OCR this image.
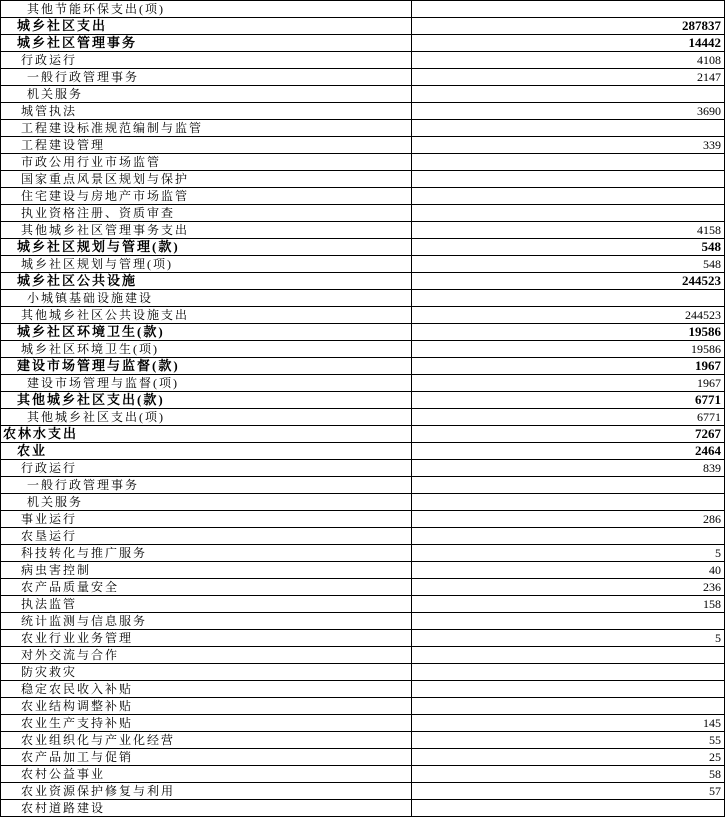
其他节能环保支出(项)	
城乡社区支出	287837
城乡社区管理事务	14442
行政运行	4108
一般行政管理事务	2147
机关服务	
城管执法	3690
工程建设标准规范编制与监管	
工程建设管理	339
市政公用行业市场监管	
国家重点风景区规划与保护	
住宅建设与房地产市场监管	
执业资格注册、资质审查	
其他城乡社区管理事务支出	4158
城乡社区规划与管理(款)	548
城乡社区规划与管理(项)	548
城乡社区公共设施	244523
小城镇基础设施建设	
其他城乡社区公共设施支出	244523
城乡社区环境卫生(款)	19586
城乡社区环境卫生(项)	19586
建设市场管理与监督(款)	1967
建设市场管理与监督(项)	1967
其他城乡社区支出(款)	6771
其他城乡社区支出(项)	6771
农林水支出	7267
农业	2464
行政运行	839
一般行政管理事务	
机关服务	
事业运行	286
农垦运行	
科技转化与推广服务	5
病虫害控制	40
农产品质量安全	236
执法监管	158
统计监测与信息服务	
农业行业业务管理	5
对外交流与合作	
防灾救灾	
稳定农民收入补贴	
农业结构调整补贴	
农业生产支持补贴	145
农业组织化与产业化经营	55
农产品加工与促销	25
农村公益事业	58
农业资源保护修复与利用	57
农村道路建设	
